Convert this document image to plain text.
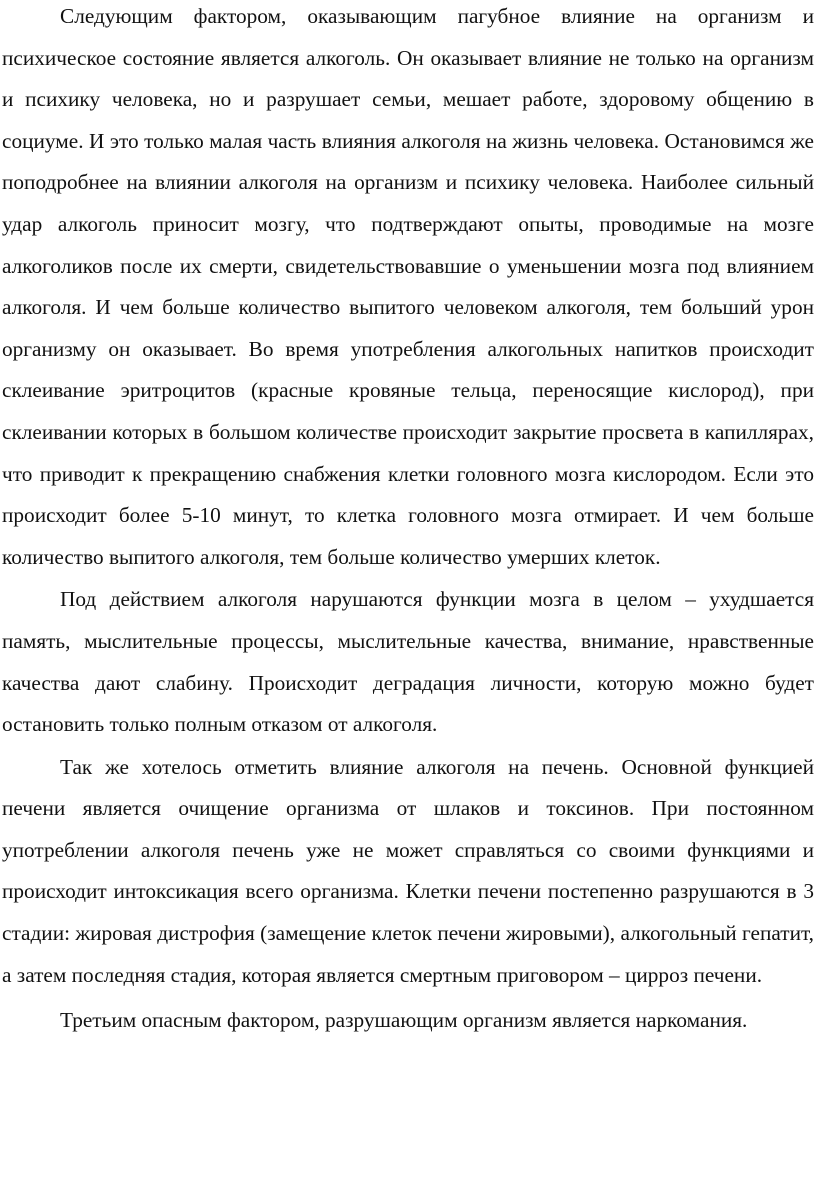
Следующим фактором, оказывающим пагубное влияние на организм и психическое состояние является алкоголь. Он оказывает влияние не только на организм и психику человека, но и разрушает семьи, мешает работе, здоровому общению в социуме. И это только малая часть влияния алкоголя на жизнь человека. Остановимся же поподробнее на влиянии алкоголя на организм и психику человека. Наиболее сильный удар алкоголь приносит мозгу, что подтверждают опыты, проводимые на мозге алкоголиков после их смерти, свидетельствовавшие о уменьшении мозга под влиянием алкоголя. И чем больше количество выпитого человеком алкоголя, тем больший урон организму он оказывает. Во время употребления алкогольных напитков происходит склеивание эритроцитов (красные кровяные тельца, переносящие кислород), при склеивании которых в большом количестве происходит закрытие просвета в капиллярах, что приводит к прекращению снабжения клетки головного мозга кислородом. Если это происходит более 5-10 минут, то клетка головного мозга отмирает. И чем больше количество выпитого алкоголя, тем больше количество умерших клеток.

Под действием алкоголя нарушаются функции мозга в целом – ухудшается память, мыслительные процессы, мыслительные качества, внимание, нравственные качества дают слабину. Происходит деградация личности, которую можно будет остановить только полным отказом от алкоголя.

Так же хотелось отметить влияние алкоголя на печень. Основной функцией печени является очищение организма от шлаков и токсинов. При постоянном употреблении алкоголя печень уже не может справляться со своими функциями и происходит интоксикация всего организма. Клетки печени постепенно разрушаются в 3 стадии: жировая дистрофия (замещение клеток печени жировыми), алкогольный гепатит, а затем последняя стадия, которая является смертным приговором – цирроз печени.

Третьим опасным фактором, разрушающим организм является наркомания.
